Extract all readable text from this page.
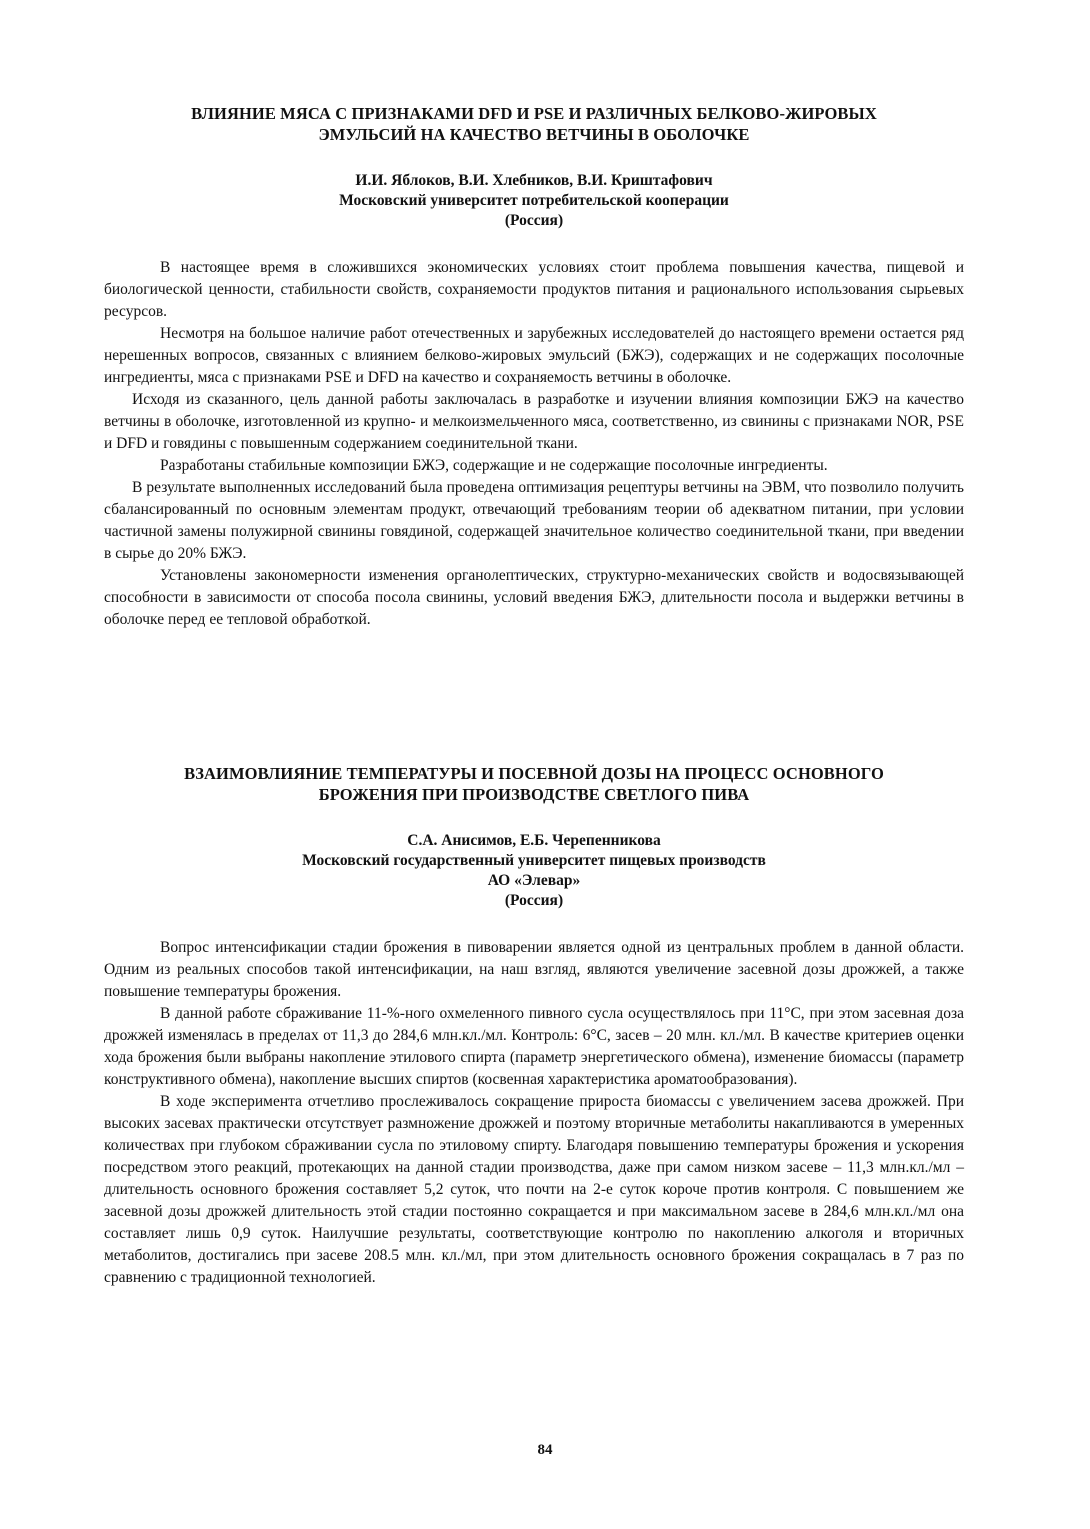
ВЛИЯНИЕ МЯСА С ПРИЗНАКАМИ DFD И PSE И РАЗЛИЧНЫХ БЕЛКОВО-ЖИРОВЫХ
ЭМУЛЬСИЙ НА КАЧЕСТВО ВЕТЧИНЫ В ОБОЛОЧКЕ
И.И. Яблоков, В.И. Хлебников, В.И. Криштафович
Московский университет потребительской кооперации
(Россия)

В настоящее время в сложившихся экономических условиях стоит проблема повышения качества, пищевой и биологической ценности, стабильности свойств, сохраняемости продуктов питания и рационального использования сырьевых ресурсов.

Несмотря на большое наличие работ отечественных и зарубежных исследователей до настоящего времени остается ряд нерешенных вопросов, связанных с влиянием белково-жировых эмульсий (БЖЭ), содержащих и не содержащих посолочные ингредиенты, мяса с признаками PSE и DFD на качество и сохраняемость ветчины в оболочке.

Исходя из сказанного, цель данной работы заключалась в разработке и изучении влияния композиции БЖЭ на качество ветчины в оболочке, изготовленной из крупно- и мелкоизмельченного мяса, соответственно, из свинины с признаками NOR, PSE и DFD и говядины с повышенным содержанием соединительной ткани.

Разработаны стабильные композиции БЖЭ, содержащие и не содержащие посолочные ингредиенты.

В результате выполненных исследований была проведена оптимизация рецептуры ветчины на ЭВМ, что позволило получить сбалансированный по основным элементам продукт, отвечающий требованиям теории об адекватном питании, при условии частичной замены полужирной свинины говядиной, содержащей значительное количество соединительной ткани, при введении в сырье до 20% БЖЭ.

Установлены закономерности изменения органолептических, структурно-механических свойств и водосвязывающей способности в зависимости от способа посола свинины, условий введения БЖЭ, длительности посола и выдержки ветчины в оболочке перед ее тепловой обработкой.

ВЗАИМОВЛИЯНИЕ ТЕМПЕРАТУРЫ И ПОСЕВНОЙ ДОЗЫ НА ПРОЦЕСС ОСНОВНОГО
БРОЖЕНИЯ ПРИ ПРОИЗВОДСТВЕ СВЕТЛОГО ПИВА
С.А. Анисимов, Е.Б. Черепенникова
Московский государственный университет пищевых производств
АО «Элевар»
(Россия)

Вопрос интенсификации стадии брожения в пивоварении является одной из центральных проблем в данной области. Одним из реальных способов такой интенсификации, на наш взгляд, являются увеличение засевной дозы дрожжей, а также повышение температуры брожения.

В данной работе сбраживание 11-%-ного охмеленного пивного сусла осуществлялось при 11°С, при этом засевная доза дрожжей изменялась в пределах от 11,3 до 284,6 млн.кл./мл. Контроль: 6°С, засев – 20 млн. кл./мл. В качестве критериев оценки хода брожения были выбраны накопление этилового спирта (параметр энергетического обмена), изменение биомассы (параметр конструктивного обмена), накопление высших спиртов (косвенная характеристика ароматообразования).

В ходе эксперимента отчетливо прослеживалось сокращение прироста биомассы с увеличением засева дрожжей. При высоких засевах практически отсутствует размножение дрожжей и поэтому вторичные метаболиты накапливаются в умеренных количествах при глубоком сбраживании сусла по этиловому спирту. Благодаря повышению температуры брожения и ускорения посредством этого реакций, протекающих на данной стадии производства, даже при самом низком засеве – 11,3 млн.кл./мл – длительность основного брожения составляет 5,2 суток, что почти на 2-е суток короче против контроля. С повышением же засевной дозы дрожжей длительность этой стадии постоянно сокращается и при максимальном засеве в 284,6 млн.кл./мл она составляет лишь 0,9 суток. Наилучшие результаты, соответствующие контролю по накоплению алкоголя и вторичных метаболитов, достигались при засеве 208.5 млн. кл./мл, при этом длительность основного брожения сокращалась в 7 раз по сравнению с традиционной технологией.

84
